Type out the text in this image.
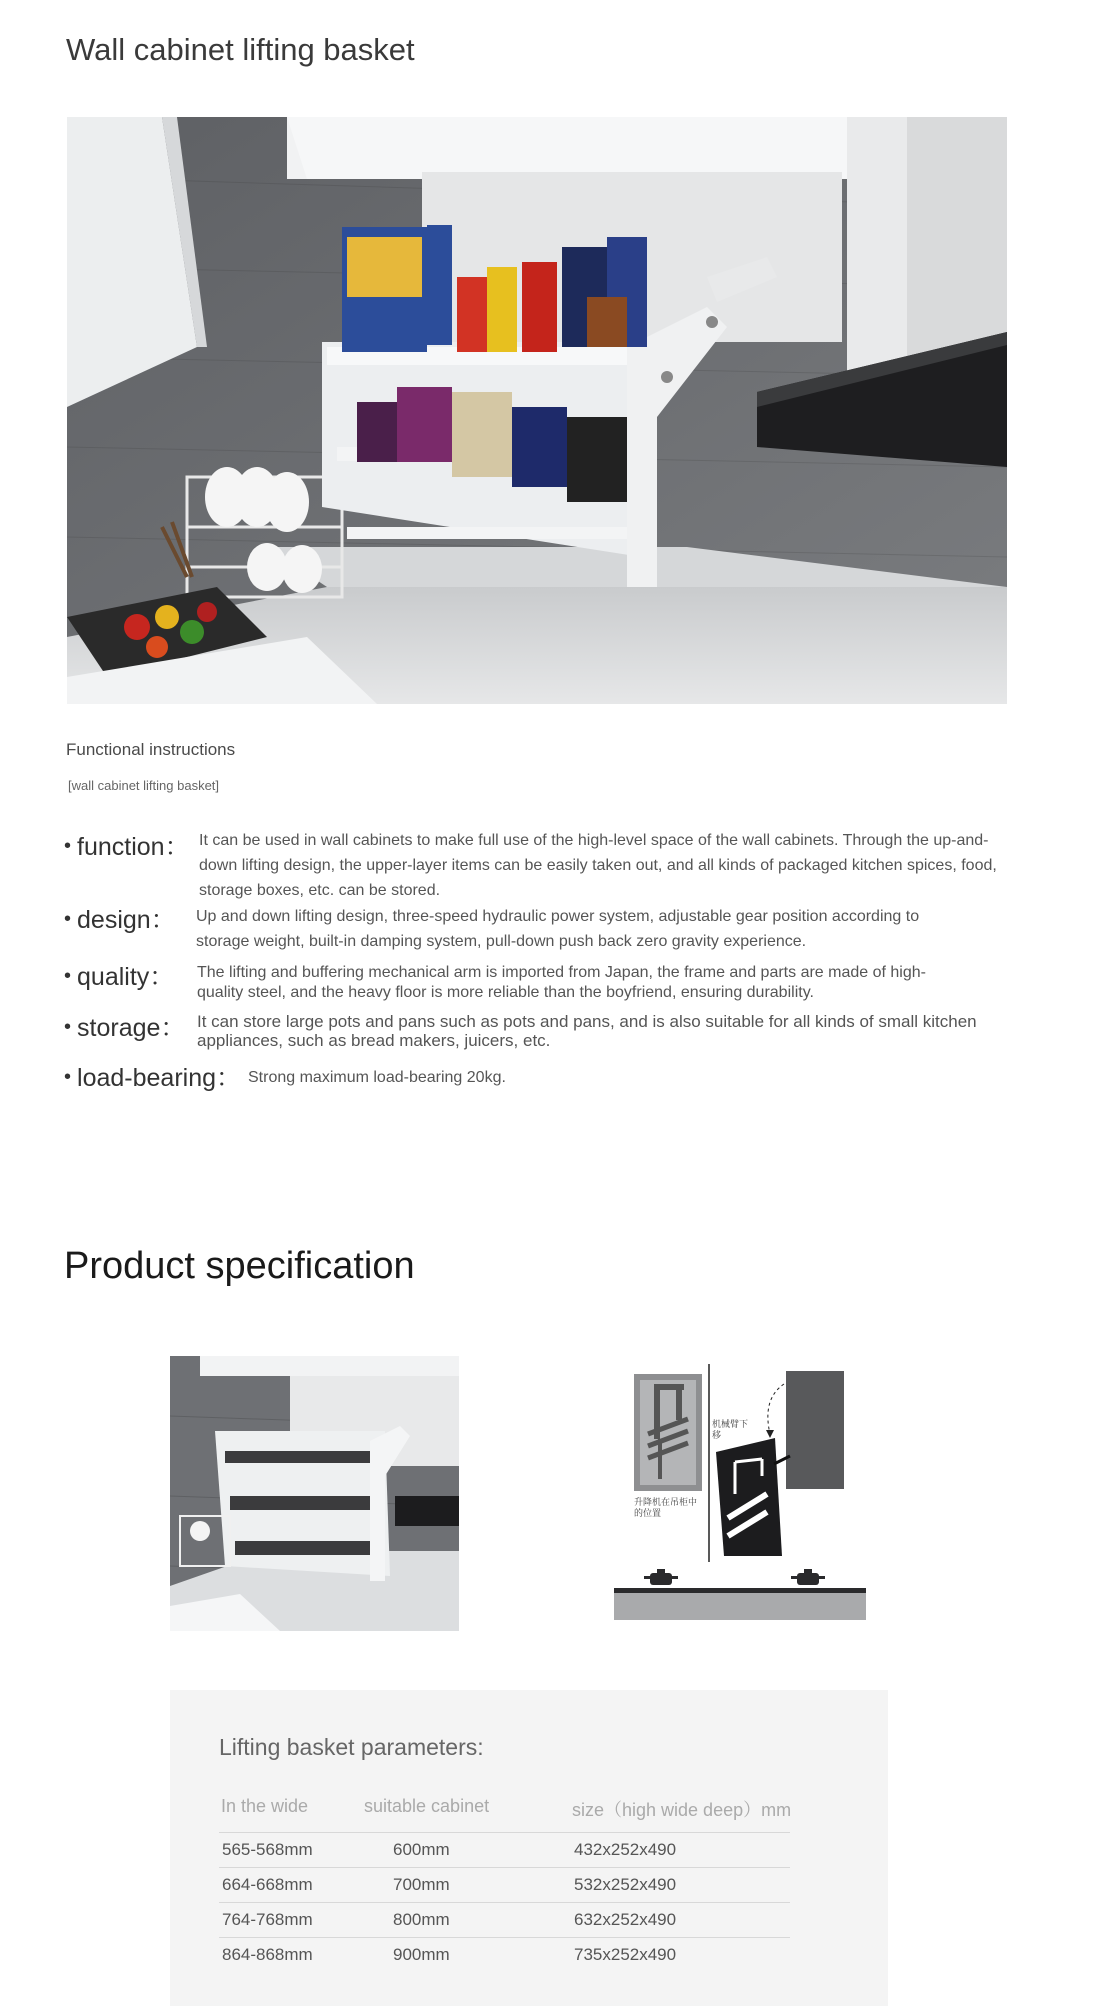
Wall cabinet lifting basket
Functional instructions
[wall cabinet lifting basket]
• function： It can be used in wall cabinets to make full use of the high-level space of the wall cabinets. Through the up-and-down lifting design, the upper-layer items can be easily taken out, and all kinds of packaged kitchen spices, food, storage boxes, etc. can be stored.
• design： Up and down lifting design, three-speed hydraulic power system, adjustable gear position according to storage weight, built-in damping system, pull-down push back zero gravity experience.
• quality： The lifting and buffering mechanical arm is imported from Japan, the frame and parts are made of high-quality steel, and the heavy floor is more reliable than the boyfriend, ensuring durability.
• storage： It can store large pots and pans such as pots and pans, and is also suitable for all kinds of small kitchen appliances, such as bread makers, juicers, etc.
• load-bearing： Strong maximum load-bearing 20kg.
Product specification
机械臂下移
升降机在吊柜中的位置
Lifting basket parameters:
In the wide	suitable cabinet	size（high wide deep）mm
565-568mm	600mm	432x252x490
664-668mm	700mm	532x252x490
764-768mm	800mm	632x252x490
864-868mm	900mm	735x252x490
